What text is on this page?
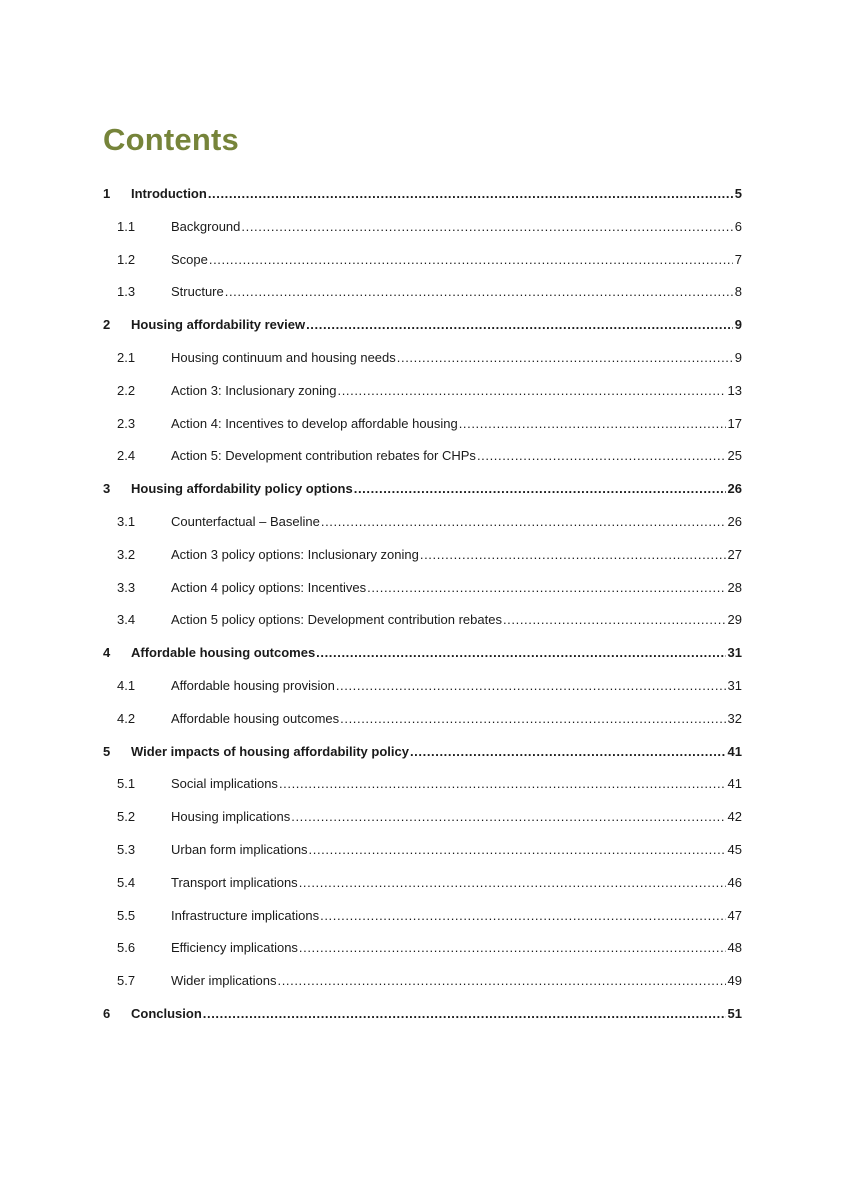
Contents
1	Introduction .....	5
1.1	Background .....	6
1.2	Scope .....	7
1.3	Structure .....	8
2	Housing affordability review .....	9
2.1	Housing continuum and housing needs .....	9
2.2	Action 3: Inclusionary zoning .....	13
2.3	Action 4: Incentives to develop affordable housing .....	17
2.4	Action 5: Development contribution rebates for CHPs .....	25
3	Housing affordability policy options .....	26
3.1	Counterfactual – Baseline .....	26
3.2	Action 3 policy options: Inclusionary zoning .....	27
3.3	Action 4 policy options: Incentives .....	28
3.4	Action 5 policy options: Development contribution rebates .....	29
4	Affordable housing outcomes .....	31
4.1	Affordable housing provision .....	31
4.2	Affordable housing outcomes .....	32
5	Wider impacts of housing affordability policy .....	41
5.1	Social implications .....	41
5.2	Housing implications .....	42
5.3	Urban form implications .....	45
5.4	Transport implications .....	46
5.5	Infrastructure implications .....	47
5.6	Efficiency implications .....	48
5.7	Wider implications .....	49
6	Conclusion .....	51
